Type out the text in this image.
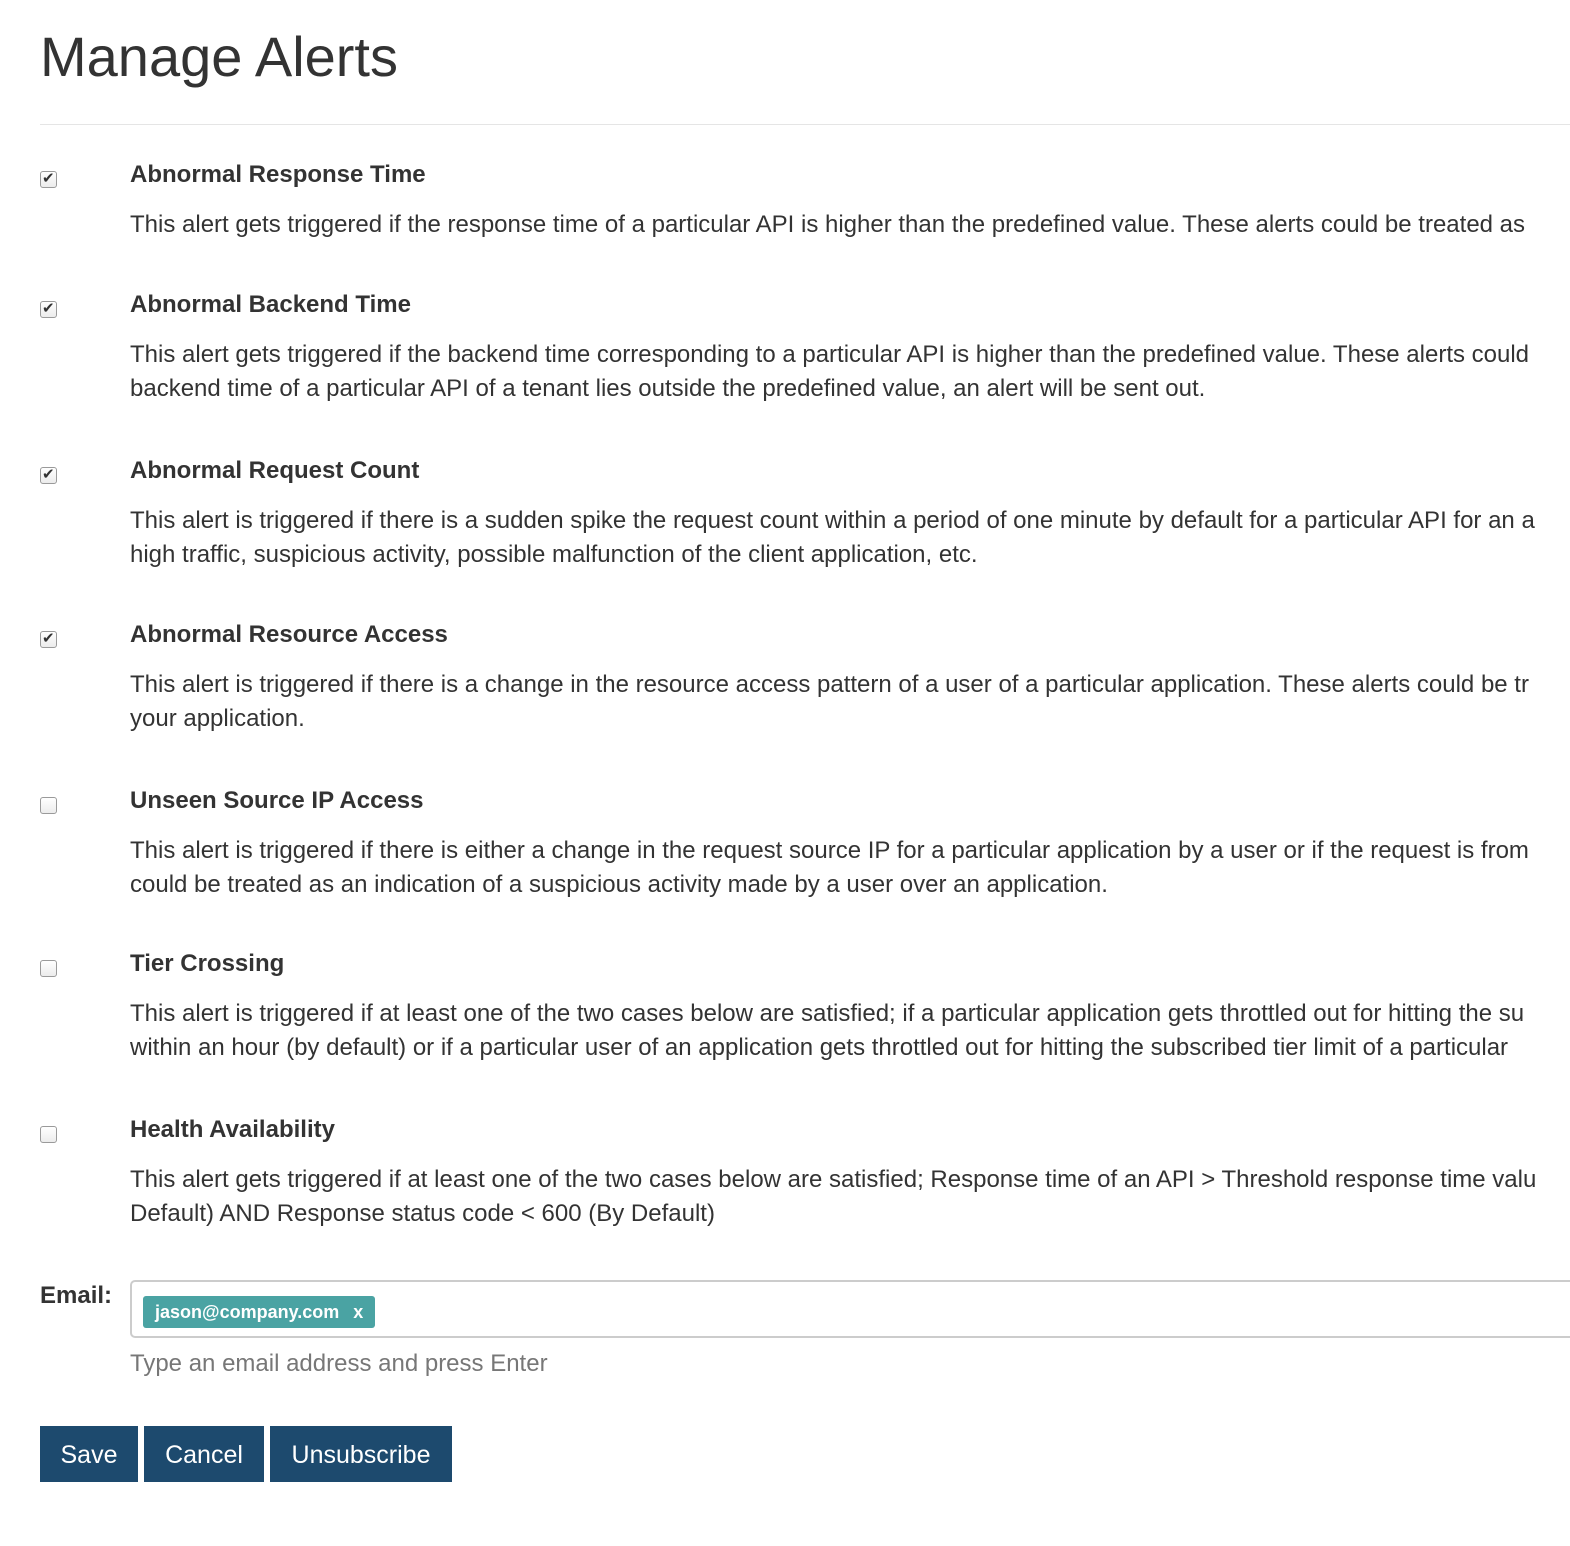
Manage Alerts
✔	Abnormal Response Time
This alert gets triggered if the response time of a particular API is higher than the predefined value. These alerts could be treated as
✔	Abnormal Backend Time
This alert gets triggered if the backend time corresponding to a particular API is higher than the predefined value. These alerts could
backend time of a particular API of a tenant lies outside the predefined value, an alert will be sent out.
✔	Abnormal Request Count
This alert is triggered if there is a sudden spike the request count within a period of one minute by default for a particular API for an a
high traffic, suspicious activity, possible malfunction of the client application, etc.
✔	Abnormal Resource Access
This alert is triggered if there is a change in the resource access pattern of a user of a particular application. These alerts could be tr
your application.
Unseen Source IP Access
This alert is triggered if there is either a change in the request source IP for a particular application by a user or if the request is from
could be treated as an indication of a suspicious activity made by a user over an application.
Tier Crossing
This alert is triggered if at least one of the two cases below are satisfied; if a particular application gets throttled out for hitting the su
within an hour (by default) or if a particular user of an application gets throttled out for hitting the subscribed tier limit of a particular
Health Availability
This alert gets triggered if at least one of the two cases below are satisfied; Response time of an API > Threshold response time valu
Default) AND Response status code < 600 (By Default)
Email:
jason@company.com x
Type an email address and press Enter
Save	Cancel	Unsubscribe
